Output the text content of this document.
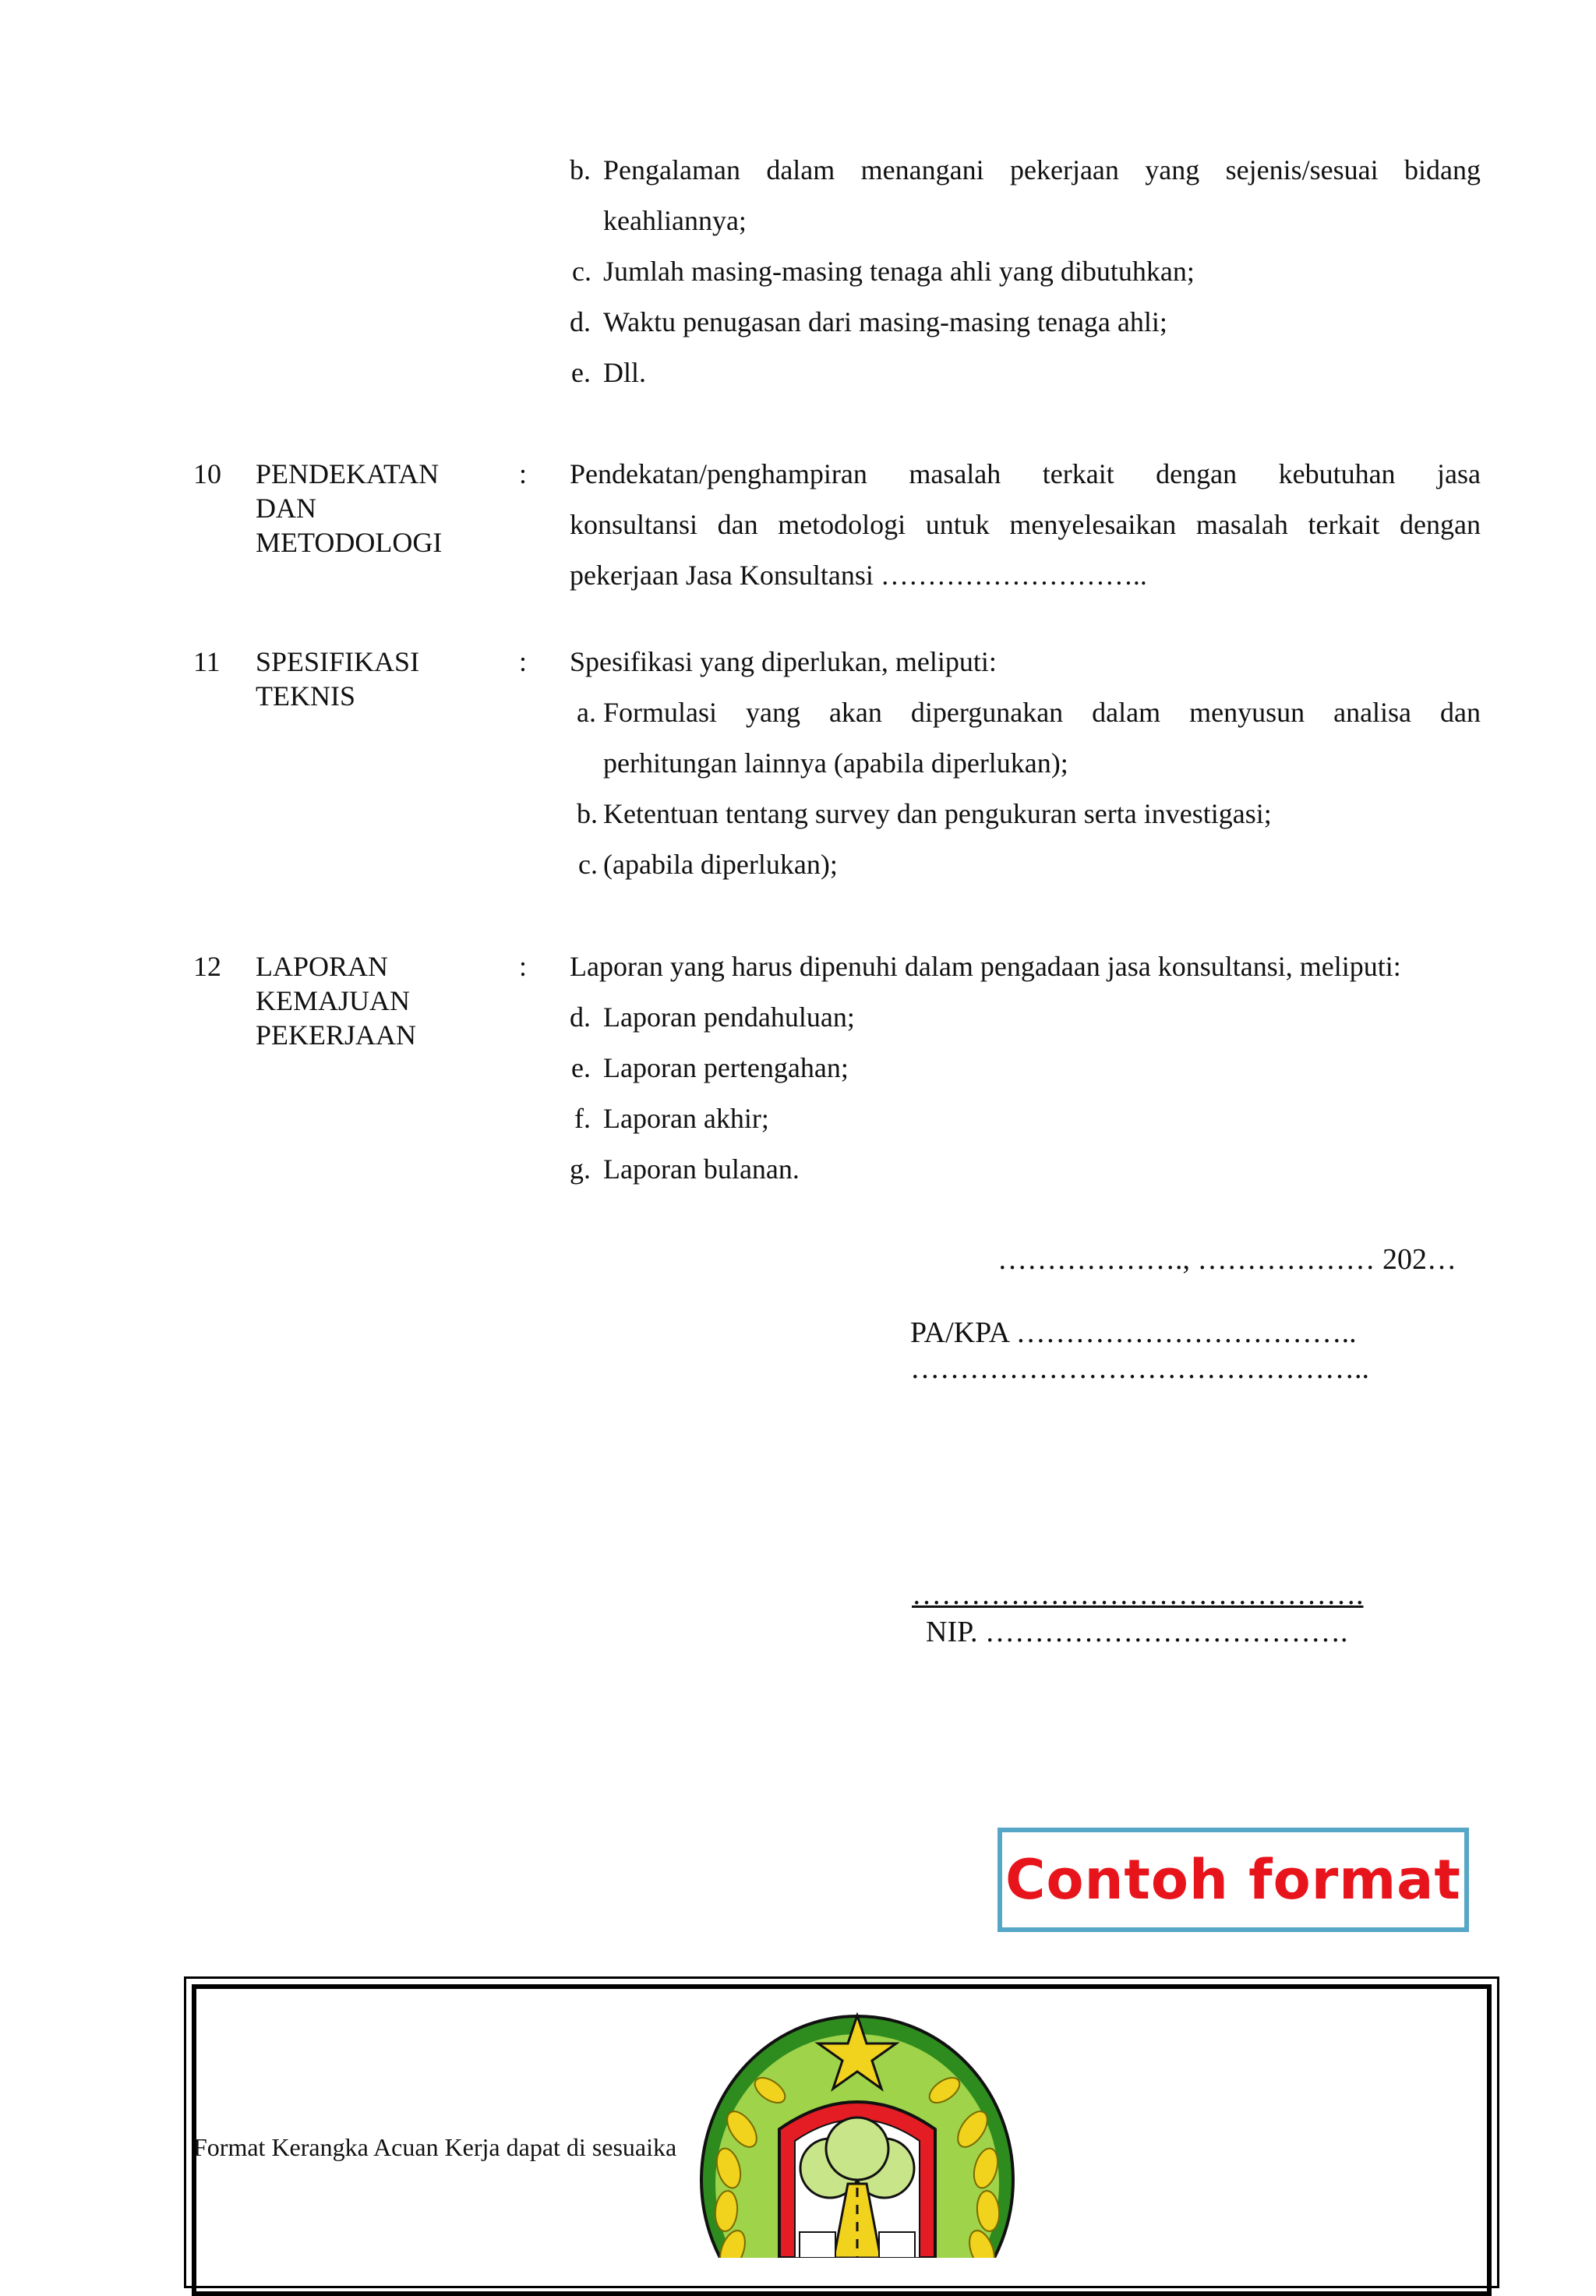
b. Pengalaman dalam menangani pekerjaan yang sejenis/sesuai bidang
keahliannya;
c. Jumlah masing-masing tenaga ahli yang dibutuhkan;
d. Waktu penugasan dari masing-masing tenaga ahli;
e. Dll.
10 PENDEKATAN
DAN
METODOLOGI
: Pendekatan/penghampiran masalah terkait dengan kebutuhan jasa
konsultansi dan metodologi untuk menyelesaikan masalah terkait dengan
pekerjaan Jasa Konsultansi ………………………..
11 SPESIFIKASI
TEKNIS
: Spesifikasi yang diperlukan, meliputi:
a. Formulasi yang akan dipergunakan dalam menyusun analisa dan
perhitungan lainnya (apabila diperlukan);
b. Ketentuan tentang survey dan pengukuran serta investigasi;
c. (apabila diperlukan);
12 LAPORAN
KEMAJUAN
PEKERJAAN
: Laporan yang harus dipenuhi dalam pengadaan jasa konsultansi, meliputi:
d. Laporan pendahuluan;
e. Laporan pertengahan;
f. Laporan akhir;
g. Laporan bulanan.
………………., ……………… 202…
PA/KPA ……………………………..
………………………………………..
……………………………………….
NIP. ……………………………….
Contoh format
Format Kerangka Acuan Kerja dapat di sesuaika
